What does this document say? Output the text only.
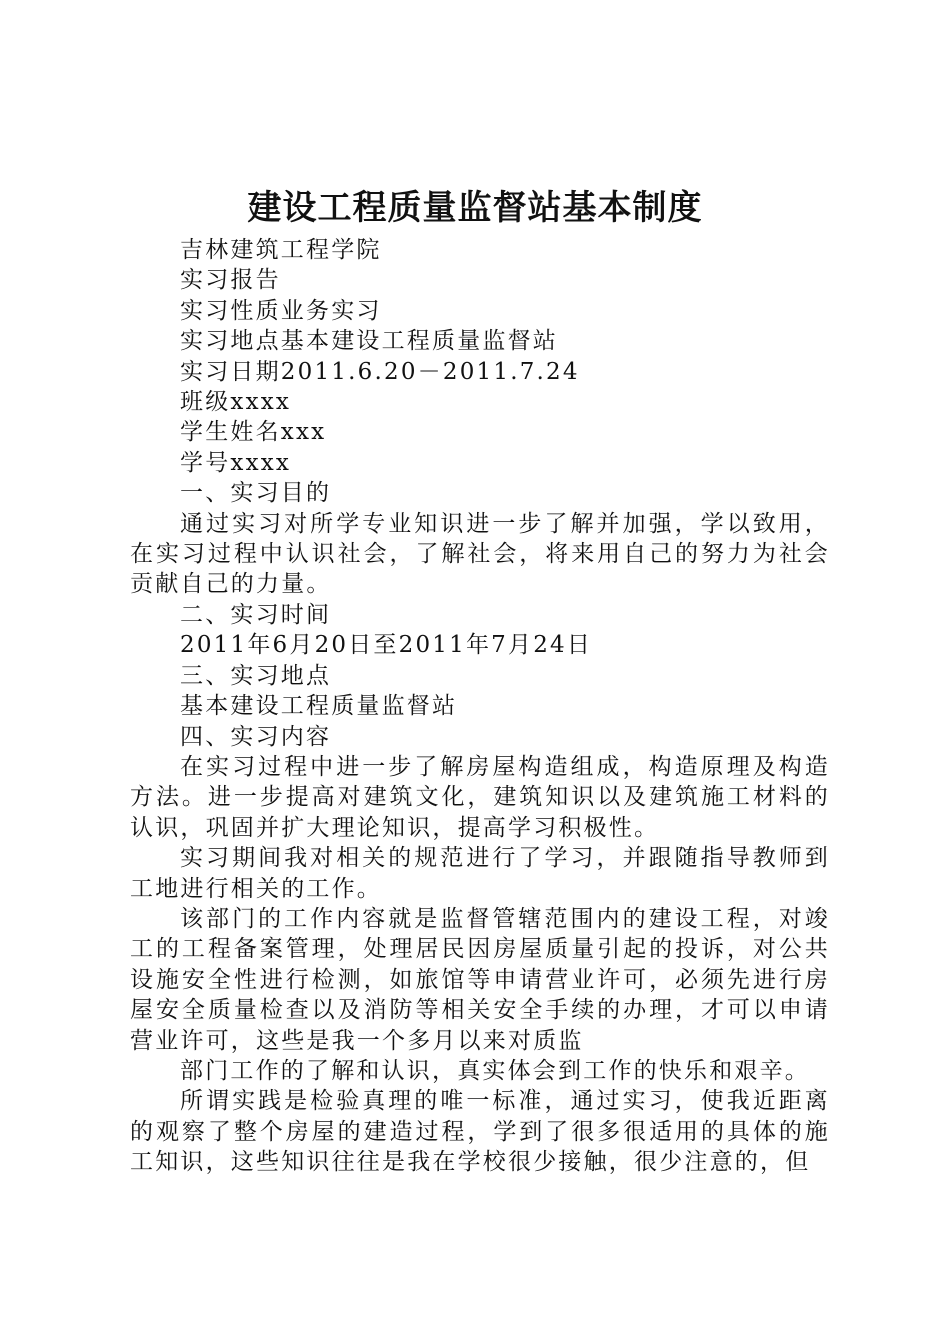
建设工程质量监督站基本制度

吉林建筑工程学院

实习报告

实习性质业务实习

实习地点基本建设工程质量监督站

实习日期2011.6.20－2011.7.24

班级xxxx

学生姓名xxx

学号xxxx

一、实习目的

通过实习对所学专业知识进一步了解并加强，学以致用，在实习过程中认识社会，了解社会，将来用自己的努力为社会贡献自己的力量。

二、实习时间

2011年6月20日至2011年7月24日

三、实习地点

基本建设工程质量监督站

四、实习内容

在实习过程中进一步了解房屋构造组成，构造原理及构造方法。进一步提高对建筑文化，建筑知识以及建筑施工材料的认识，巩固并扩大理论知识，提高学习积极性。

实习期间我对相关的规范进行了学习，并跟随指导教师到工地进行相关的工作。

该部门的工作内容就是监督管辖范围内的建设工程，对竣工的工程备案管理，处理居民因房屋质量引起的投诉，对公共设施安全性进行检测，如旅馆等申请营业许可，必须先进行房屋安全质量检查以及消防等相关安全手续的办理，才可以申请营业许可，这些是我一个多月以来对质监

部门工作的了解和认识，真实体会到工作的快乐和艰辛。

所谓实践是检验真理的唯一标准，通过实习，使我近距离的观察了整个房屋的建造过程，学到了很多很适用的具体的施工知识，这些知识往往是我在学校很少接触，很少注意的，但
